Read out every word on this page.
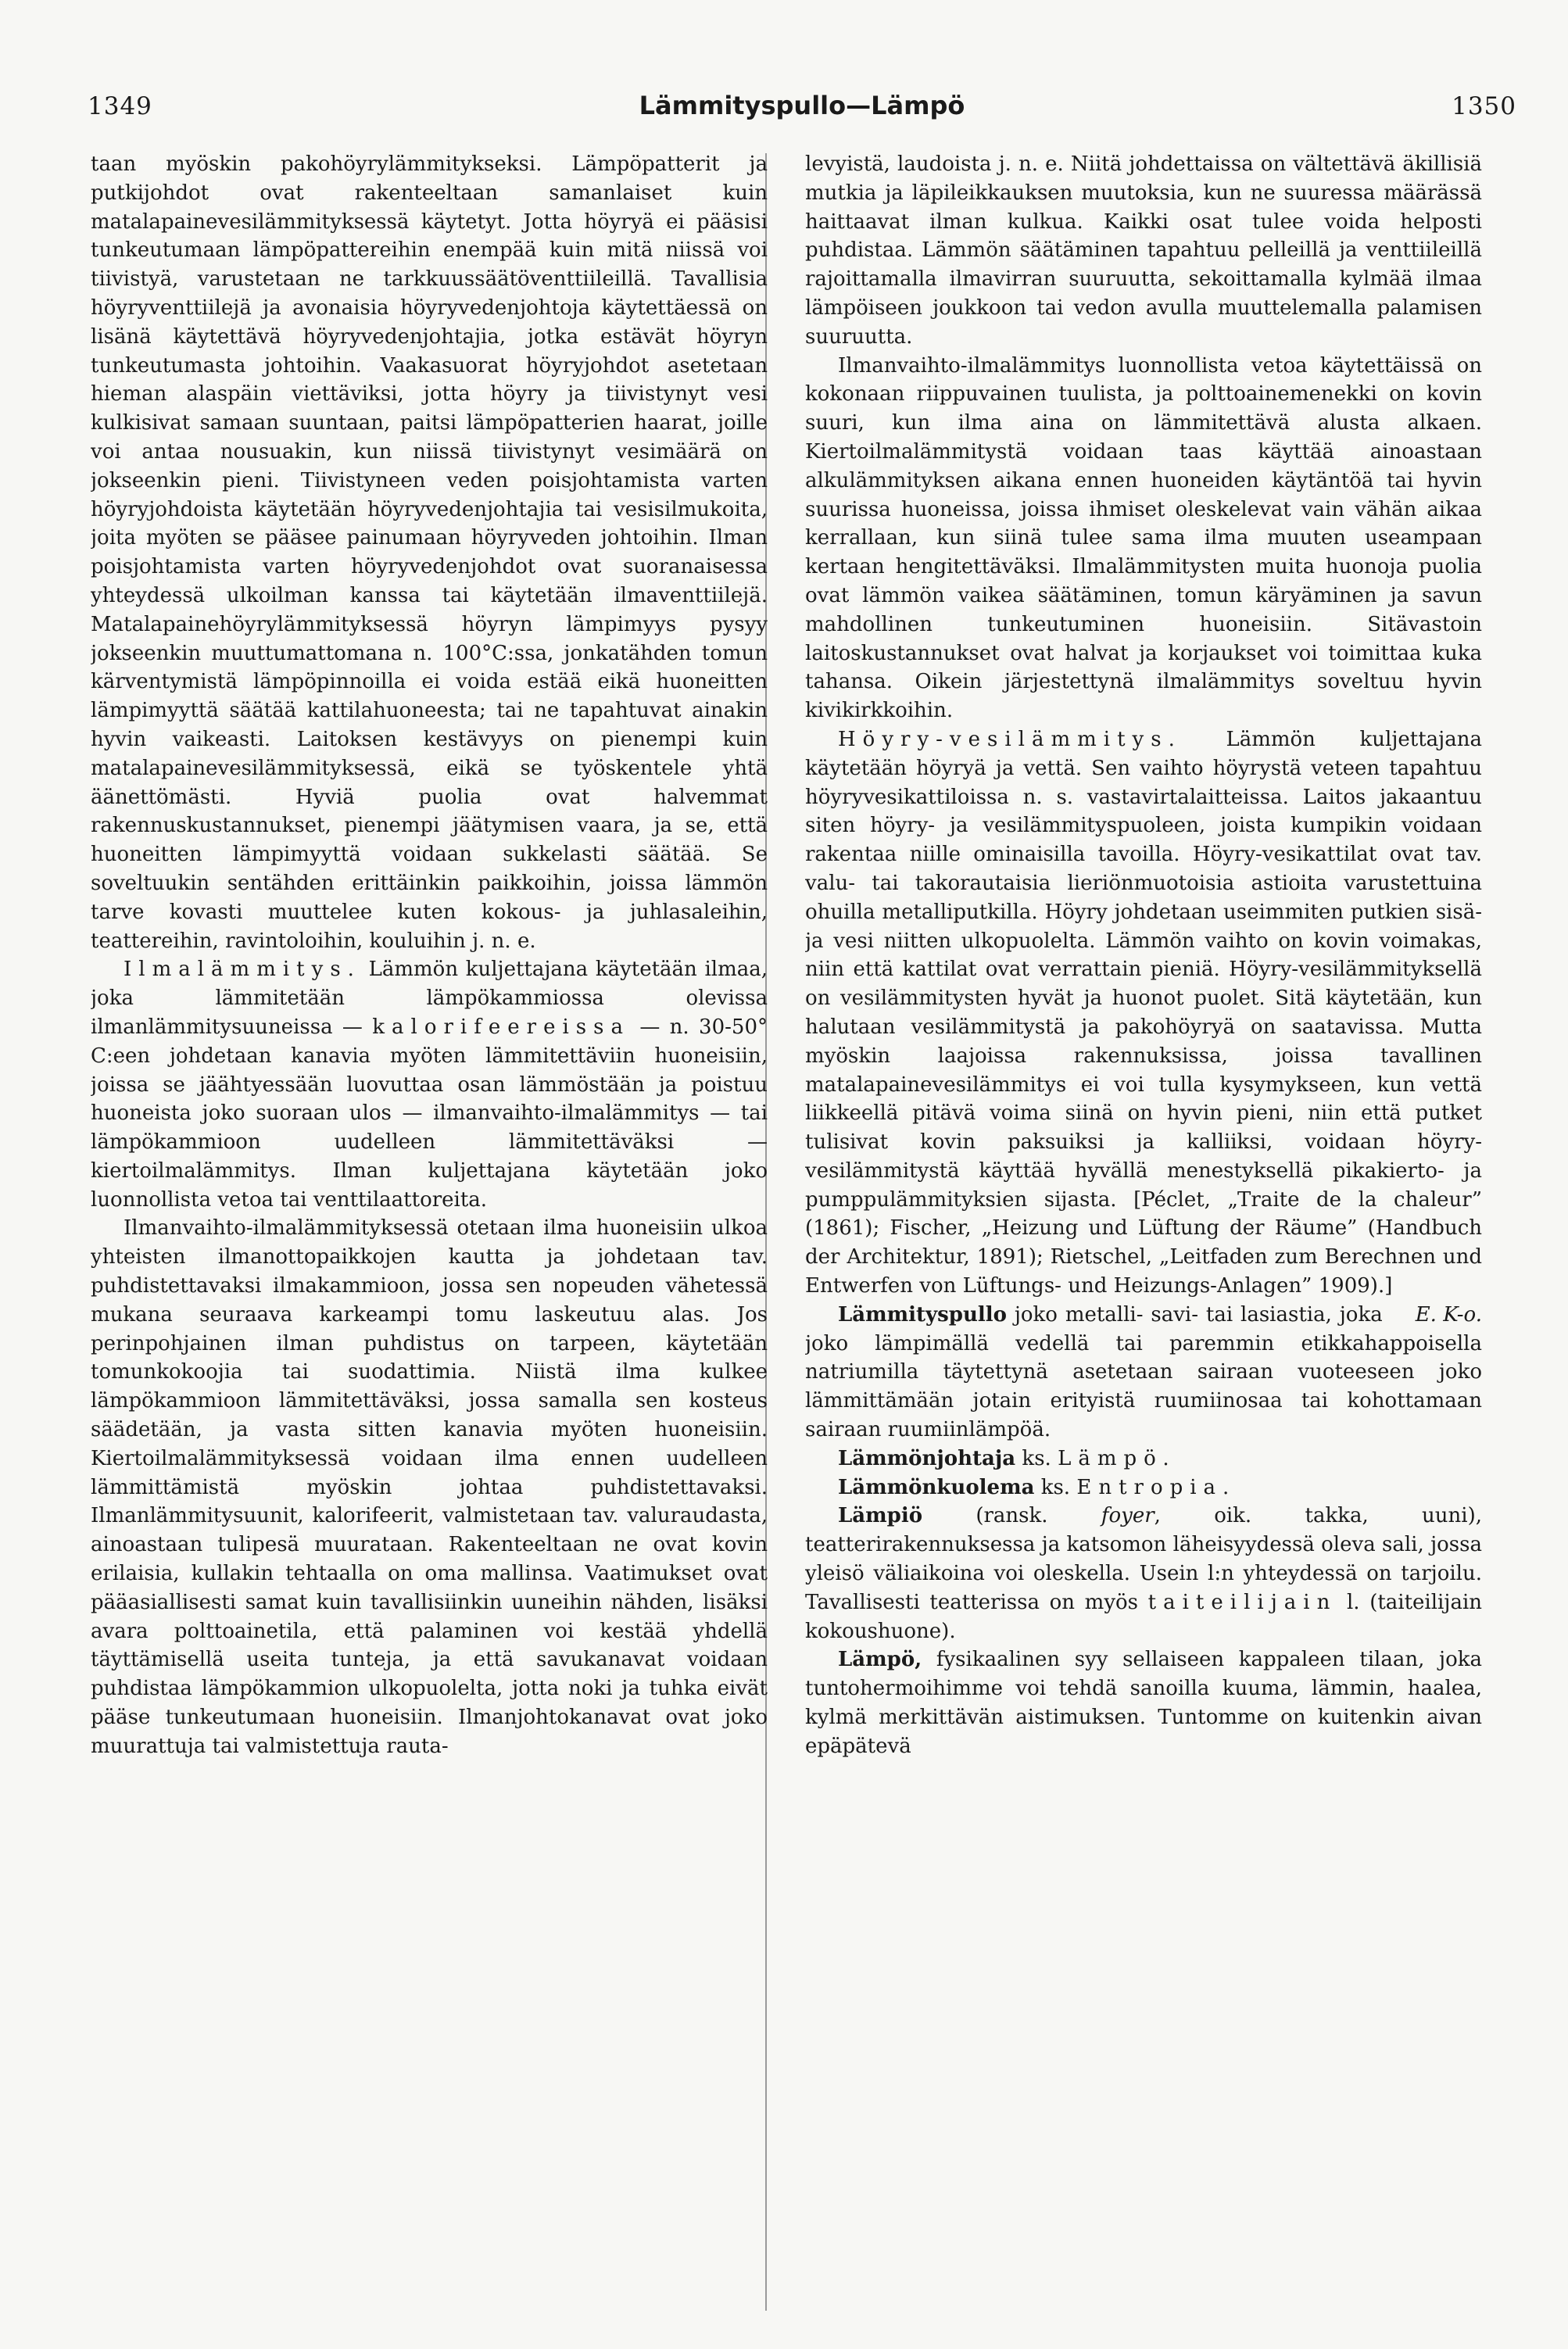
1349	Lämmityspullo—Lämpö	1350

taan myöskin pakohöyrylämmitykseksi. Lämpöpatterit ja putkijohdot ovat rakenteeltaan samanlaiset kuin matalapainevesilämmityksessä käytetyt. Jotta höyryä ei pääsisi tunkeutumaan lämpöpattereihin enempää kuin mitä niissä voi tiivistyä, varustetaan ne tarkkuussäätöventtiileillä. Tavallisia höyryventtiilejä ja avonaisia höyryvedenjohtoja käytettäessä on lisänä käytettävä höyryvedenjohtajia, jotka estävät höyryn tunkeutumasta johtoihin. Vaakasuorat höyryjohdot asetetaan hieman alaspäin viettäviksi, jotta höyry ja tiivistynyt vesi kulkisivat samaan suuntaan, paitsi lämpöpatterien haarat, joille voi antaa nousuakin, kun niissä tiivistynyt vesimäärä on jokseenkin pieni. Tiivistyneen veden poisjohtamista varten höyryjohdoista käytetään höyryvedenjohtajia tai vesisilmukoita, joita myöten se pääsee painumaan höyryveden johtoihin. Ilman poisjohtamista varten höyryvedenjohdot ovat suoranaisessa yhteydessä ulkoilman kanssa tai käytetään ilmaventtiilejä. Matalapainehöyrylämmityksessä höyryn lämpimyys pysyy jokseenkin muuttumattomana n. 100°C:ssa, jonkatähden tomun kärventymistä lämpöpinnoilla ei voida estää eikä huoneitten lämpimyyttä säätää kattilahuoneesta; tai ne tapahtuvat ainakin hyvin vaikeasti. Laitoksen kestävyys on pienempi kuin matalapainevesilämmityksessä, eikä se työskentele yhtä äänettömästi. Hyviä puolia ovat halvemmat rakennuskustannukset, pienempi jäätymisen vaara, ja se, että huoneitten lämpimyyttä voidaan sukkelasti säätää. Se soveltuukin sentähden erittäinkin paikkoihin, joissa lämmön tarve kovasti muuttelee kuten kokous- ja juhlasaleihin, teattereihin, ravintoloihin, kouluihin j. n. e.

Ilmalämmitys. Lämmön kuljettajana käytetään ilmaa, joka lämmitetään lämpökammiossa olevissa ilmanlämmitysuuneissa — kalorifeereissa — n. 30-50° C:een johdetaan kanavia myöten lämmitettäviin huoneisiin, joissa se jäähtyessään luovuttaa osan lämmöstään ja poistuu huoneista joko suoraan ulos — ilmanvaihto-ilmalämmitys — tai lämpökammioon uudelleen lämmitettäväksi — kiertoilmalämmitys. Ilman kuljettajana käytetään joko luonnollista vetoa tai venttilaattoreita.

Ilmanvaihto-ilmalämmityksessä otetaan ilma huoneisiin ulkoa yhteisten ilmanottopaikkojen kautta ja johdetaan tav. puhdistettavaksi ilmakammioon, jossa sen nopeuden vähetessä mukana seuraava karkeampi tomu laskeutuu alas. Jos perinpohjainen ilman puhdistus on tarpeen, käytetään tomunkokoojia tai suodattimia. Niistä ilma kulkee lämpökammioon lämmitettäväksi, jossa samalla sen kosteus säädetään, ja vasta sitten kanavia myöten huoneisiin. Kiertoilmalämmityksessä voidaan ilma ennen uudelleen lämmittämistä myöskin johtaa puhdistettavaksi. Ilmanlämmitysuunit, kalorifeerit, valmistetaan tav. valuraudasta, ainoastaan tulipesä muurataan. Rakenteeltaan ne ovat kovin erilaisia, kullakin tehtaalla on oma mallinsa. Vaatimukset ovat pääasiallisesti samat kuin tavallisiinkin uuneihin nähden, lisäksi avara polttoainetila, että palaminen voi kestää yhdellä täyttämisellä useita tunteja, ja että savukanavat voidaan puhdistaa lämpökammion ulkopuolelta, jotta noki ja tuhka eivät pääse tunkeutumaan huoneisiin. Ilmanjohtokanavat ovat joko muurattuja tai valmistettuja rauta-

levyistä, laudoista j. n. e. Niitä johdettaissa on vältettävä äkillisiä mutkia ja läpileikkauksen muutoksia, kun ne suuressa määrässä haittaavat ilman kulkua. Kaikki osat tulee voida helposti puhdistaa. Lämmön säätäminen tapahtuu pelleillä ja venttiileillä rajoittamalla ilmavirran suuruutta, sekoittamalla kylmää ilmaa lämpöiseen joukkoon tai vedon avulla muuttelemalla palamisen suuruutta.

Ilmanvaihto-ilmalämmitys luonnollista vetoa käytettäissä on kokonaan riippuvainen tuulista, ja polttoainemenekki on kovin suuri, kun ilma aina on lämmitettävä alusta alkaen. Kiertoilmalämmitystä voidaan taas käyttää ainoastaan alkulämmityksen aikana ennen huoneiden käytäntöä tai hyvin suurissa huoneissa, joissa ihmiset oleskelevat vain vähän aikaa kerrallaan, kun siinä tulee sama ilma muuten useampaan kertaan hengitettäväksi. Ilmalämmitysten muita huonoja puolia ovat lämmön vaikea säätäminen, tomun käryäminen ja savun mahdollinen tunkeutuminen huoneisiin. Sitävastoin laitoskustannukset ovat halvat ja korjaukset voi toimittaa kuka tahansa. Oikein järjestettynä ilmalämmitys soveltuu hyvin kivikirkkoihin.

Höyry-vesilämmitys. Lämmön kuljettajana käytetään höyryä ja vettä. Sen vaihto höyrystä veteen tapahtuu höyryvesikattiloissa n. s. vastavirtalaitteissa. Laitos jakaantuu siten höyry- ja vesilämmityspuoleen, joista kumpikin voidaan rakentaa niille ominaisilla tavoilla. Höyry-vesikattilat ovat tav. valu- tai takorautaisia lieriönmuotoisia astioita varustettuina ohuilla metalliputkilla. Höyry johdetaan useimmiten putkien sisä- ja vesi niitten ulkopuolelta. Lämmön vaihto on kovin voimakas, niin että kattilat ovat verrattain pieniä. Höyry-vesilämmityksellä on vesilämmitysten hyvät ja huonot puolet. Sitä käytetään, kun halutaan vesilämmitystä ja pakohöyryä on saatavissa. Mutta myöskin laajoissa rakennuksissa, joissa tavallinen matalapainevesilämmitys ei voi tulla kysymykseen, kun vettä liikkeellä pitävä voima siinä on hyvin pieni, niin että putket tulisivat kovin paksuiksi ja kalliiksi, voidaan höyry-vesilämmitystä käyttää hyvällä menestyksellä pikakierto- ja pumppulämmityksien sijasta. [Péclet, „Traite de la chaleur” (1861); Fischer, „Heizung und Lüftung der Räume” (Handbuch der Architektur, 1891); Rietschel, „Leitfaden zum Berechnen und Entwerfen von Lüftungs- und Heizungs-Anlagen” 1909).]
E. K-o.

Lämmityspullo joko metalli- savi- tai lasiastia, joka joko lämpimällä vedellä tai paremmin etikkahappoisella natriumilla täytettynä asetetaan sairaan vuoteeseen joko lämmittämään jotain erityistä ruumiinosaa tai kohottamaan sairaan ruumiinlämpöä.

Lämmönjohtaja ks. Lämpö.

Lämmönkuolema ks. Entropia.

Lämpiö (ransk. foyer, oik. takka, uuni), teatterirakennuksessa ja katsomon läheisyydessä oleva sali, jossa yleisö väliaikoina voi oleskella. Usein l:n yhteydessä on tarjoilu. Tavallisesti teatterissa on myös taiteilijain l. (taiteilijain kokoushuone).

Lämpö, fysikaalinen syy sellaiseen kappaleen tilaan, joka tuntohermoihimme voi tehdä sanoilla kuuma, lämmin, haalea, kylmä merkittävän aistimuksen. Tuntomme on kuitenkin aivan epäpätevä
